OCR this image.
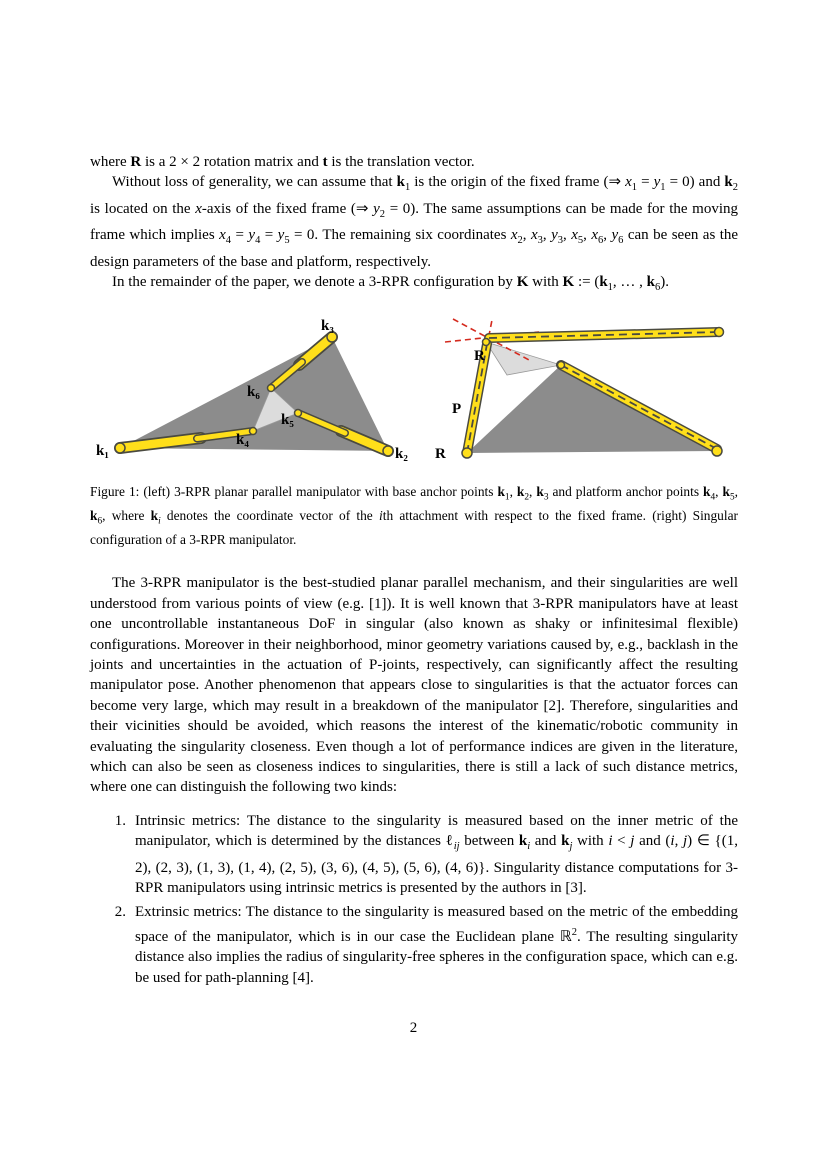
where R is a 2 × 2 rotation matrix and t is the translation vector.

Without loss of generality, we can assume that $k_1$ is the origin of the fixed frame (⇒ $x_1 = y_1 = 0$) and $k_2$ is located on the x-axis of the fixed frame (⇒ $y_2 = 0$). The same assumptions can be made for the moving frame which implies $x_4 = y_4 = y_5 = 0$. The remaining six coordinates $x_2$, $x_3$, $y_3$, $x_5$, $x_6$, $y_6$ can be seen as the design parameters of the base and platform, respectively.

In the remainder of the paper, we denote a 3-RPR configuration by K with K := ($k_1$, … , $k_6$).

k₃
k₁	k₂
k₄
k₅
k₆
R
P
R
Figure 1: (left) 3-RPR planar parallel manipulator with base anchor points $k_1$, $k_2$, $k_3$ and platform anchor points $k_4$, $k_5$, $k_6$, where $k_i$ denotes the coordinate vector of the ith attachment with respect to the fixed frame. (right) Singular configuration of a 3-RPR manipulator.

The 3-RPR manipulator is the best-studied planar parallel mechanism, and their singularities are well understood from various points of view (e.g. [1]). It is well known that 3-RPR manipulators have at least one uncontrollable instantaneous DoF in singular (also known as shaky or infinitesimal flexible) configurations. Moreover in their neighborhood, minor geometry variations caused by, e.g., backlash in the joints and uncertainties in the actuation of P-joints, respectively, can significantly affect the resulting manipulator pose. Another phenomenon that appears close to singularities is that the actuator forces can become very large, which may result in a breakdown of the manipulator [2]. Therefore, singularities and their vicinities should be avoided, which reasons the interest of the kinematic/robotic community in evaluating the singularity closeness. Even though a lot of performance indices are given in the literature, which can also be seen as closeness indices to singularities, there is still a lack of such distance metrics, where one can distinguish the following two kinds:

1. Intrinsic metrics: The distance to the singularity is measured based on the inner metric of the manipulator, which is determined by the distances ℓ$_{ij}$ between $k_i$ and $k_j$ with i < j and (i, j) ∈ {(1, 2), (2, 3), (1, 3), (1, 4), (2, 5), (3, 6), (4, 5), (5, 6), (4, 6)}. Singularity distance computations for 3-RPR manipulators using intrinsic metrics is presented by the authors in [3].
2. Extrinsic metrics: The distance to the singularity is measured based on the metric of the embedding space of the manipulator, which is in our case the Euclidean plane ℝ$^2$. The resulting singularity distance also implies the radius of singularity-free spheres in the configuration space, which can e.g. be used for path-planning [4].
2
